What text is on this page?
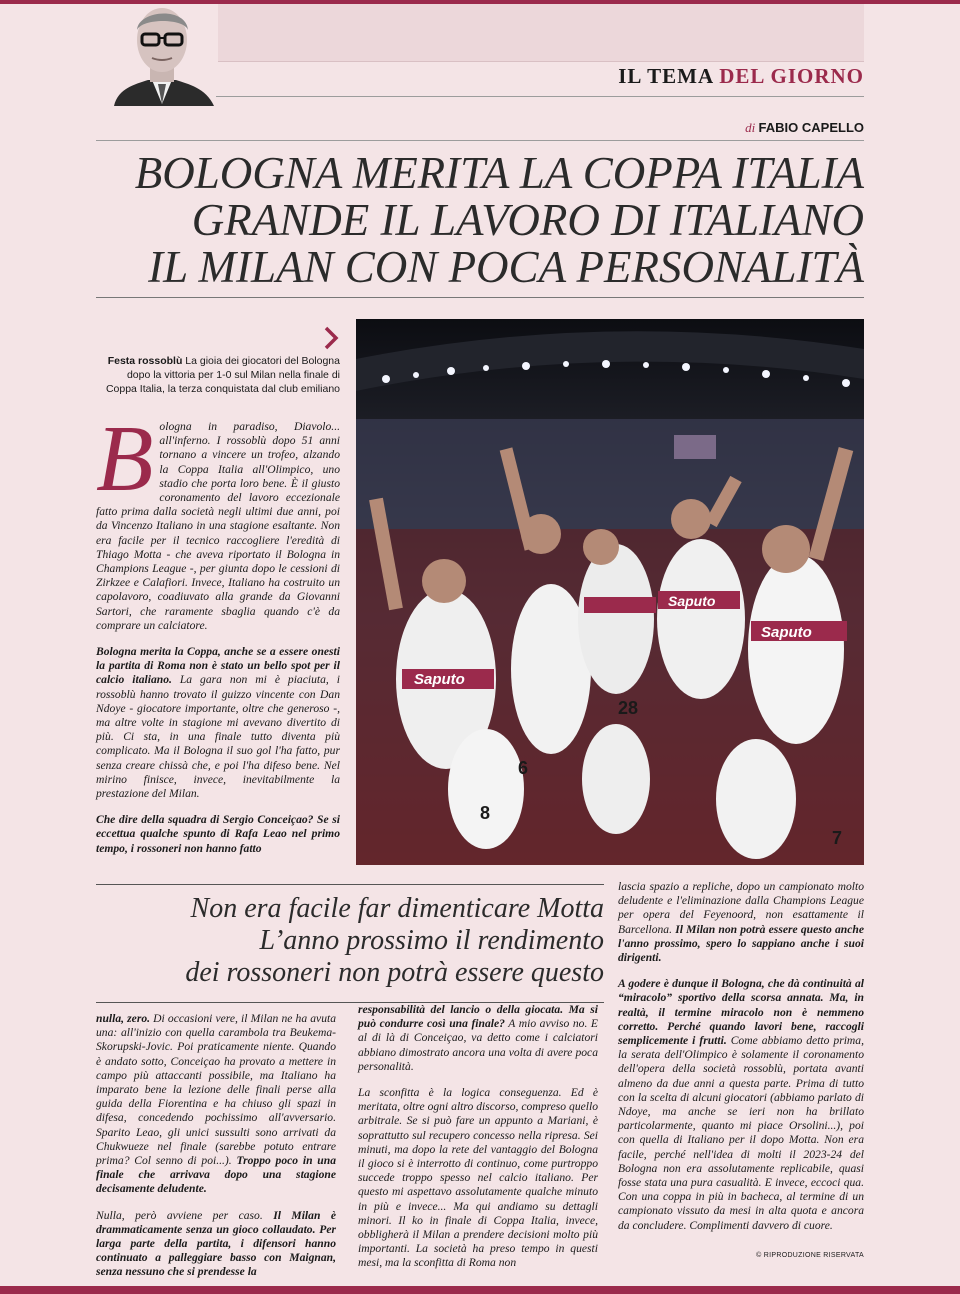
IL TEMA DEL GIORNO
di FABIO CAPELLO
BOLOGNA MERITA LA COPPA ITALIA
GRANDE IL LAVORO DI ITALIANO
IL MILAN CON POCA PERSONALITÀ
Festa rossoblù La gioia dei giocatori del Bologna dopo la vittoria per 1-0 sul Milan nella finale di Coppa Italia, la terza conquistata dal club emiliano
Saputo
Saputo
Saputo
28
6
8
7

Bologna in paradiso, Diavolo... all'inferno. I rossoblù dopo 51 anni tornano a vincere un trofeo, alzando la Coppa Italia all'Olimpico, uno stadio che porta loro bene. È il giusto coronamento del lavoro eccezionale fatto prima dalla società negli ultimi due anni, poi da Vincenzo Italiano in una stagione esaltante. Non era facile per il tecnico raccogliere l'eredità di Thiago Motta - che aveva riportato il Bologna in Champions League -, per giunta dopo le cessioni di Zirkzee e Calafiori. Invece, Italiano ha costruito un capolavoro, coadiuvato alla grande da Giovanni Sartori, che raramente sbaglia quando c'è da comprare un calciatore.

Bologna merita la Coppa, anche se a essere onesti la partita di Roma non è stato un bello spot per il calcio italiano. La gara non mi è piaciuta, i rossoblù hanno trovato il guizzo vincente con Dan Ndoye - giocatore importante, oltre che generoso -, ma altre volte in stagione mi avevano divertito di più. Ci sta, in una finale tutto diventa più complicato. Ma il Bologna il suo gol l'ha fatto, pur senza creare chissà che, e poi l'ha difeso bene. Nel mirino finisce, invece, inevitabilmente la prestazione del Milan.

Che dire della squadra di Sergio Conceiçao? Se si eccettua qualche spunto di Rafa Leao nel primo tempo, i rossoneri non hanno fatto

Non era facile far dimenticare Motta
L’anno prossimo il rendimento
dei rossoneri non potrà essere questo

nulla, zero. Di occasioni vere, il Milan ne ha avuta una: all'inizio con quella carambola tra Beukema-Skorupski-Jovic. Poi praticamente niente. Quando è andato sotto, Conceiçao ha provato a mettere in campo più attaccanti possibile, ma Italiano ha imparato bene la lezione delle finali perse alla guida della Fiorentina e ha chiuso gli spazi in difesa, concedendo pochissimo all'avversario. Sparito Leao, gli unici sussulti sono arrivati da Chukwueze nel finale (sarebbe potuto entrare prima? Col senno di poi...). Troppo poco in una finale che arrivava dopo una stagione decisamente deludente.

Nulla, però avviene per caso. Il Milan è drammaticamente senza un gioco collaudato. Per larga parte della partita, i difensori hanno continuato a palleggiare basso con Maignan, senza nessuno che si prendesse la

responsabilità del lancio o della giocata. Ma si può condurre così una finale? A mio avviso no. E al di là di Conceiçao, va detto come i calciatori abbiano dimostrato ancora una volta di avere poca personalità.

La sconfitta è la logica conseguenza. Ed è meritata, oltre ogni altro discorso, compreso quello arbitrale. Se si può fare un appunto a Mariani, è soprattutto sul recupero concesso nella ripresa. Sei minuti, ma dopo la rete del vantaggio del Bologna il gioco si è interrotto di continuo, come purtroppo succede troppo spesso nel calcio italiano. Per questo mi aspettavo assolutamente qualche minuto in più e invece... Ma qui andiamo su dettagli minori. Il ko in finale di Coppa Italia, invece, obbligherà il Milan a prendere decisioni molto più importanti. La società ha preso tempo in questi mesi, ma la sconfitta di Roma non

lascia spazio a repliche, dopo un campionato molto deludente e l'eliminazione dalla Champions League per opera del Feyenoord, non esattamente il Barcellona. Il Milan non potrà essere questo anche l'anno prossimo, spero lo sappiano anche i suoi dirigenti.

A godere è dunque il Bologna, che dà continuità al “miracolo” sportivo della scorsa annata. Ma, in realtà, il termine miracolo non è nemmeno corretto. Perché quando lavori bene, raccogli semplicemente i frutti. Come abbiamo detto prima, la serata dell'Olimpico è solamente il coronamento dell'opera della società rossoblù, portata avanti almeno da due anni a questa parte. Prima di tutto con la scelta di alcuni giocatori (abbiamo parlato di Ndoye, ma anche se ieri non ha brillato particolarmente, quanto mi piace Orsolini...), poi con quella di Italiano per il dopo Motta. Non era facile, perché nell'idea di molti il 2023-24 del Bologna non era assolutamente replicabile, quasi fosse stata una pura casualità. E invece, eccoci qua. Con una coppa in più in bacheca, al termine di un campionato vissuto da mesi in alta quota e ancora da concludere. Complimenti davvero di cuore.

© RIPRODUZIONE RISERVATA
